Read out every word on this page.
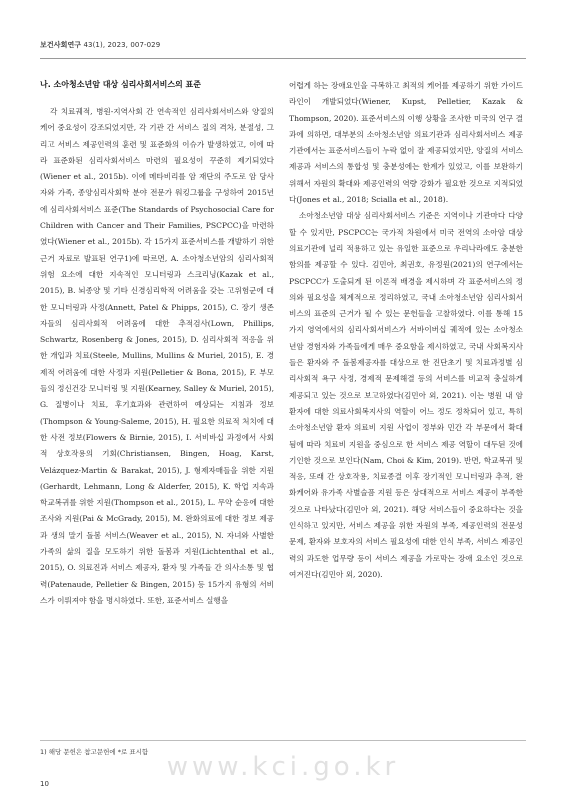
보건사회연구 43(1), 2023, 007-029
나. 소아청소년암 대상 심리사회서비스의 표준

각 치료궤적, 병원-지역사회 간 연속적인 심리사회서비스와 양질의 케어 중요성이 강조되었지만, 각 기관 간 서비스 질의 격차, 분절성, 그리고 서비스 제공인력의 훈련 및 표준화의 이슈가 발생하였고, 이에 따라 표준화된 심리사회서비스 마련의 필요성이 꾸준히 제기되었다(Wiener et al., 2015b). 이에 메타비리를 암 재단의 주도로 암 당사자와 가족, 종양심리사회학 분야 전문가 워킹그룹을 구성하여 2015년에 심리사회서비스 표준(The Standards of Psychosocial Care for Children with Cancer and Their Families, PSCPCC)을 마련하였다(Wiener et al., 2015b). 각 15가지 표준서비스를 개발하기 위한 근거 자료로 발표된 연구1)에 따르면, A. 소아청소년암의 심리사회적 위험 요소에 대한 지속적인 모니터링과 스크리닝(Kazak et al., 2015), B. 뇌종양 및 기타 신경심리학적 어려움을 갖는 고위험군에 대한 모니터링과 사정(Annett, Patel & Phipps, 2015), C. 장기 생존자들의 심리사회적 어려움에 대한 추적검사(Lown, Phillips, Schwartz, Rosenberg & Jones, 2015), D. 심리사회적 적응을 위한 개입과 치료(Steele, Mullins, Mullins & Muriel, 2015), E. 경제적 어려움에 대한 사정과 지원(Pelletier & Bona, 2015), F. 부모들의 정신건강 모니터링 및 지원(Kearney, Salley & Muriel, 2015), G. 질병이나 치료, 후기효과와 관련하여 예상되는 지침과 정보(Thompson & Young-Saleme, 2015), H. 필요한 의료적 처치에 대한 사전 정보(Flowers & Birnie, 2015), I. 서비바십 과정에서 사회적 상호작용의 기회(Christiansen, Bingen, Hoag, Karst, Velázquez-Martin & Barakat, 2015), J. 형제자매들을 위한 지원(Gerhardt, Lehmann, Long & Alderfer, 2015), K. 학업 지속과 학교복귀를 위한 지원(Thompson et al., 2015), L. 무약 순응에 대한 조사와 지원(Pai & McGrady, 2015), M. 완화의료에 대한 정보 제공과 생의 말기 돌봄 서비스(Weaver et al., 2015), N. 자녀와 사별한 가족의 삶의 질을 모도하기 위한 돌봄과 지원(Lichtenthal et al., 2015), O. 의료진과 서비스 제공자, 환자 및 가족들 간 의사소통 및 협력(Patenaude, Pelletier & Bingen, 2015) 등 15가지 유형의 서비스가 이뤄져야 함을 명시하였다. 또한, 표준서비스 실행을

어렵게 하는 장애요인을 극복하고 최적의 케어를 제공하기 위한 가이드라인이 개발되었다(Wiener, Kupst, Pelletier, Kazak & Thompson, 2020). 표준서비스의 이행 상황을 조사한 미국의 연구 결과에 의하면, 대부분의 소아청소년암 의료기관과 심리사회서비스 제공기관에서는 표준서비스들이 누락 없이 잘 제공되었지만, 양질의 서비스 제공과 서비스의 통합성 및 충분성에는 한계가 있었고, 이를 보완하기 위해서 자원의 확대와 제공인력의 역량 강화가 필요한 것으로 지적되었다(Jones et al., 2018; Scialla et al., 2018).

소아청소년암 대상 심리사회서비스 기준은 지역이나 기관마다 다양할 수 있지만, PSCPCC는 국가적 차원에서 미국 전역의 소아암 대상 의료기관에 널리 적용하고 있는 유일한 표준으로 우리나라에도 충분한 함의를 제공할 수 있다. 김민아, 최권호, 유정원(2021)의 연구에서는 PSCPCC가 도출되게 된 이론적 배경을 제시하며 각 표준서비스의 정의와 필요성을 체계적으로 정리하였고, 국내 소아청소년암 심리사회서비스의 표준의 근거가 될 수 있는 문헌들을 고찰하였다. 이를 통해 15가지 영역에서의 심리사회서비스가 서바이버십 궤적에 있는 소아청소년암 경험자와 가족들에게 매우 중요함을 제시하였고, 국내 사회복지사들은 환자와 주 돌봄제공자를 대상으로 한 진단초기 및 치료과정별 심리사회적 욕구 사정, 경제적 문제해결 등의 서비스를 비교적 충실하게 제공되고 있는 것으로 보고하였다(김민아 외, 2021). 이는 병원 내 암 환자에 대한 의료사회복지사의 역할이 어느 정도 정착되어 있고, 특히 소아청소년암 환자 의료비 지원 사업이 정부와 민간 각 부문에서 확대됨에 따라 치료비 지원을 중심으로 한 서비스 제공 역할이 대두된 것에 기인한 것으로 보인다(Nam, Choi & Kim, 2019). 반면, 학교복귀 및 적응, 또래 간 상호작용, 치료종결 이후 장기적인 모니터링과 추적, 완화케어와 유가족 사별슬픔 지원 등은 상대적으로 서비스 제공이 부족한 것으로 나타났다(김민아 외, 2021). 해당 서비스들이 중요하다는 것을 인식하고 있지만, 서비스 제공을 위한 자원의 부족, 제공인력의 전문성 문제, 환자와 보호자의 서비스 필요성에 대한 인식 부족, 서비스 제공인력의 과도한 업무량 등이 서비스 제공을 가로막는 장애 요소인 것으로 여겨진다(김민아 외, 2020).

1) 해당 문헌은 참고문헌에 *로 표시함 www.kci.go.kr
10
